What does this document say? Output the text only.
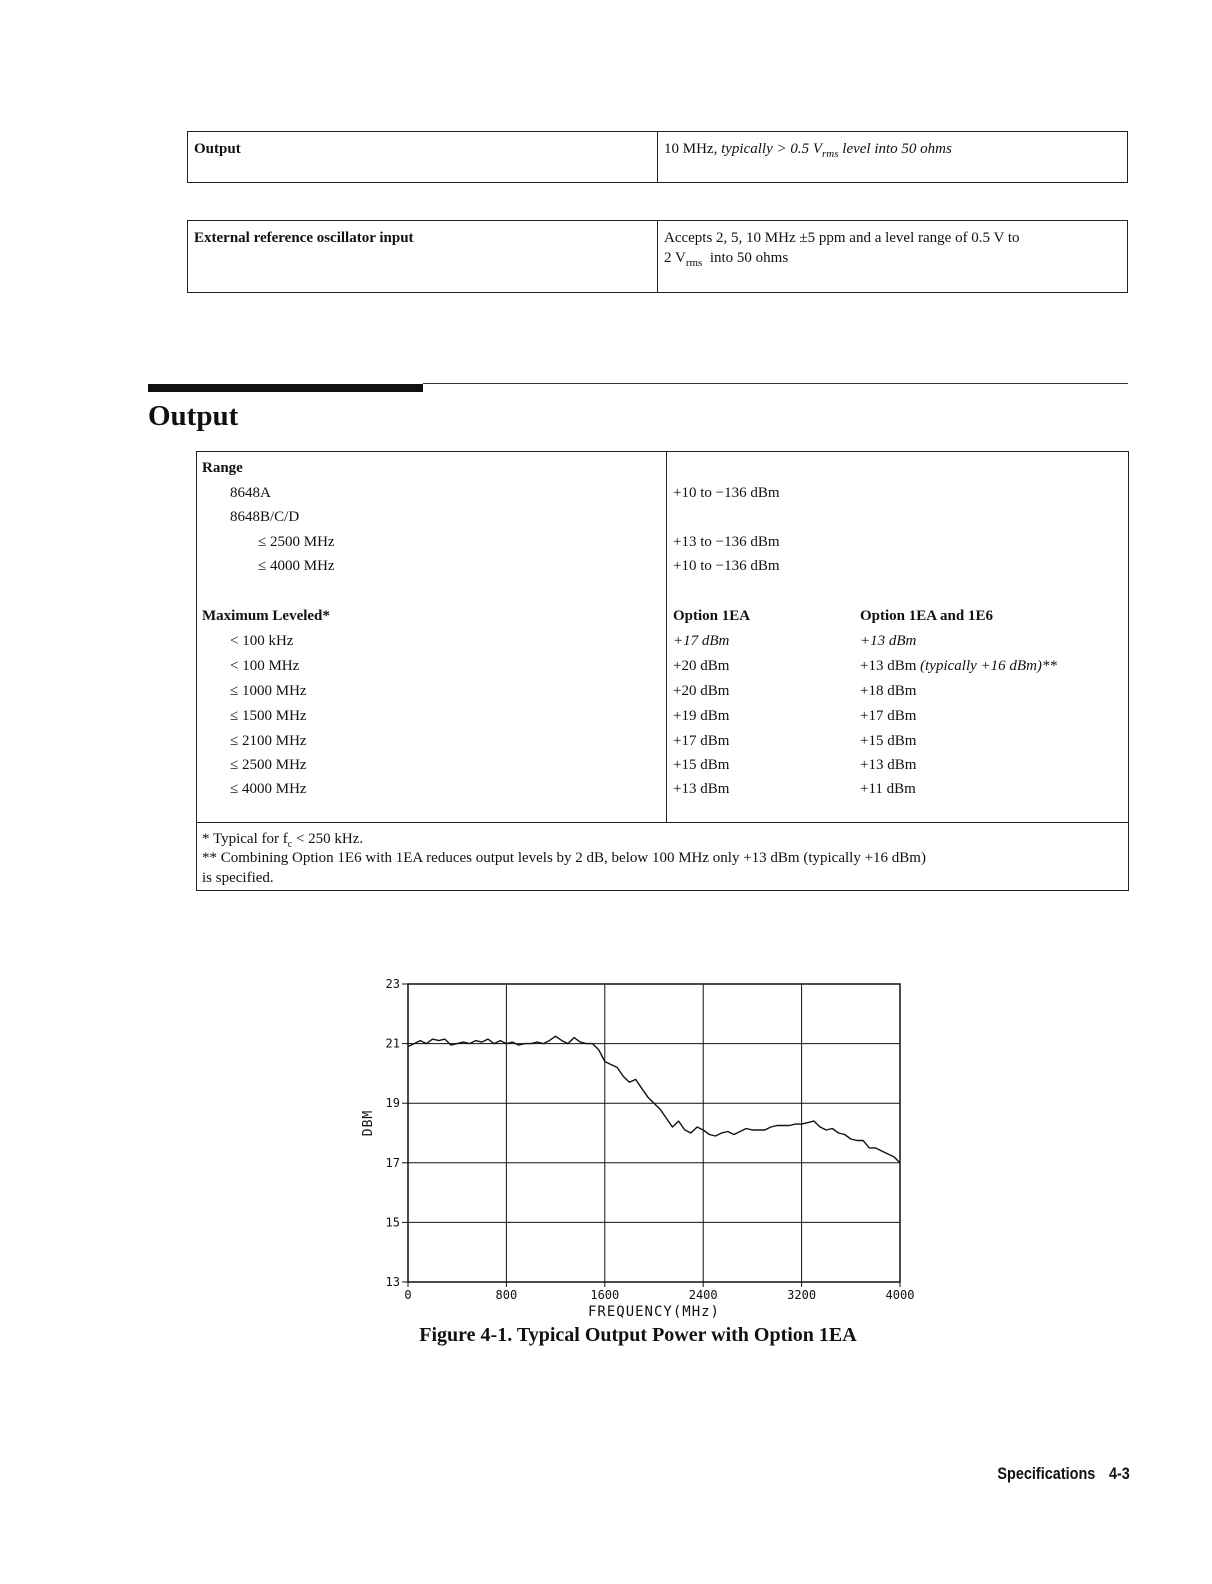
Output	10 MHz, typically > 0.5 $V_{rms}$ level into 50 ohms
External reference oscillator input	Accepts 2, 5, 10 MHz ±5 ppm and a level range of 0.5 V to
2 $V_{rms}$  into 50 ohms
Output
Range
8648A	+10 to −136 dBm
8648B/C/D
≤ 2500 MHz	+13 to −136 dBm
≤ 4000 MHz	+10 to −136 dBm
Maximum Leveled*	Option 1EA	Option 1EA and 1E6
< 100 kHz	+17 dBm	+13 dBm
< 100 MHz	+20 dBm	+13 dBm (typically +16 dBm)**
≤ 1000 MHz	+20 dBm	+18 dBm
≤ 1500 MHz	+19 dBm	+17 dBm
≤ 2100 MHz	+17 dBm	+15 dBm
≤ 2500 MHz	+15 dBm	+13 dBm
≤ 4000 MHz	+13 dBm	+11 dBm
* Typical for $f_c < 250$ kHz.
** Combining Option 1E6 with 1EA reduces output levels by 2 dB, below 100 MHz only +13 dBm (typically +16 dBm)
is specified.
23
21
19
17
15
13
0	800	1600	2400	3200	4000
FREQUENCY(MHz)
DBM
Figure 4-1. Typical Output Power with Option 1EA
Specifications 4-3
